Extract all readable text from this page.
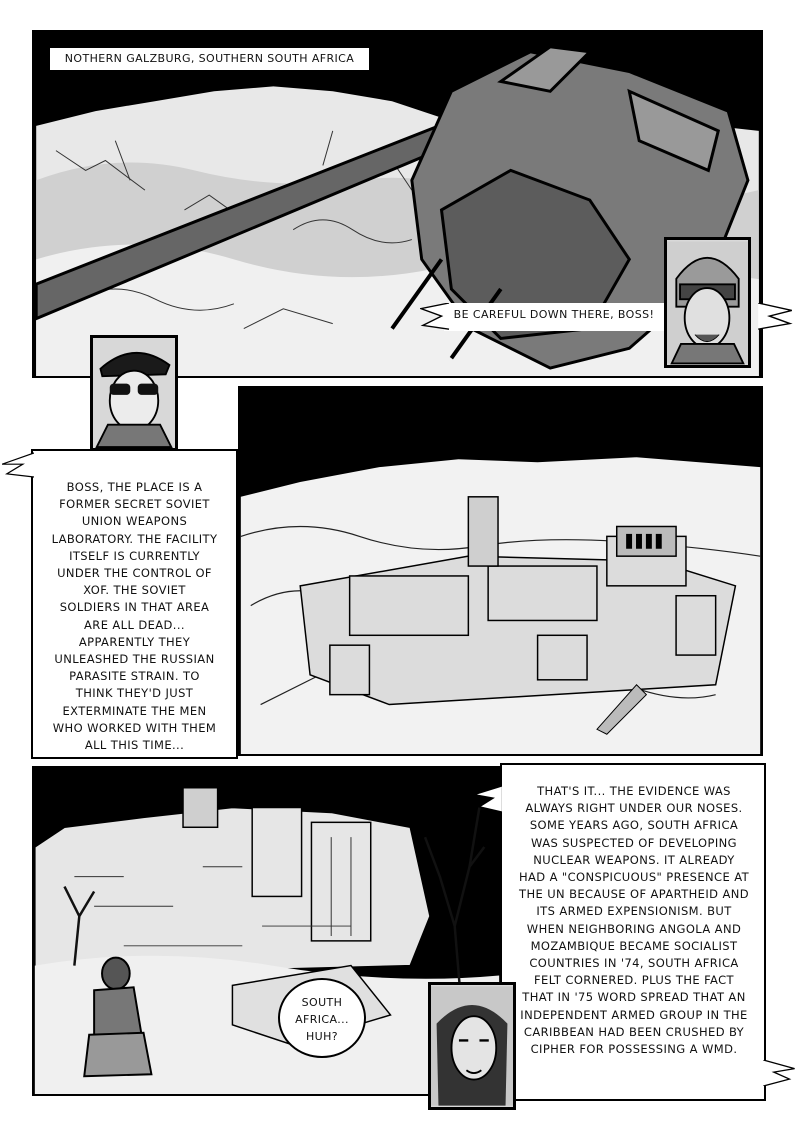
NOTHERN GALZBURG, SOUTHERN SOUTH AFRICA
BE CAREFUL DOWN THERE, BOSS!
BOSS, THE PLACE IS A FORMER SECRET SOVIET UNION WEAPONS LABORATORY. THE FACILITY ITSELF IS CURRENTLY UNDER THE CONTROL OF XOF. THE SOVIET SOLDIERS IN THAT AREA ARE ALL DEAD... APPARENTLY THEY UNLEASHED THE RUSSIAN PARASITE STRAIN. TO THINK THEY'D JUST EXTERMINATE THE MEN WHO WORKED WITH THEM ALL THIS TIME...
SOUTH AFRICA... HUH?
THAT'S IT... THE EVIDENCE WAS ALWAYS RIGHT UNDER OUR NOSES. SOME YEARS AGO, SOUTH AFRICA WAS SUSPECTED OF DEVELOPING NUCLEAR WEAPONS. IT ALREADY HAD A "CONSPICUOUS" PRESENCE AT THE UN BECAUSE OF APARTHEID AND ITS ARMED EXPENSIONISM. BUT WHEN NEIGHBORING ANGOLA AND MOZAMBIQUE BECAME SOCIALIST COUNTRIES IN '74, SOUTH AFRICA FELT CORNERED. PLUS THE FACT THAT IN '75 WORD SPREAD THAT AN INDEPENDENT ARMED GROUP IN THE CARIBBEAN HAD BEEN CRUSHED BY CIPHER FOR POSSESSING A WMD.
